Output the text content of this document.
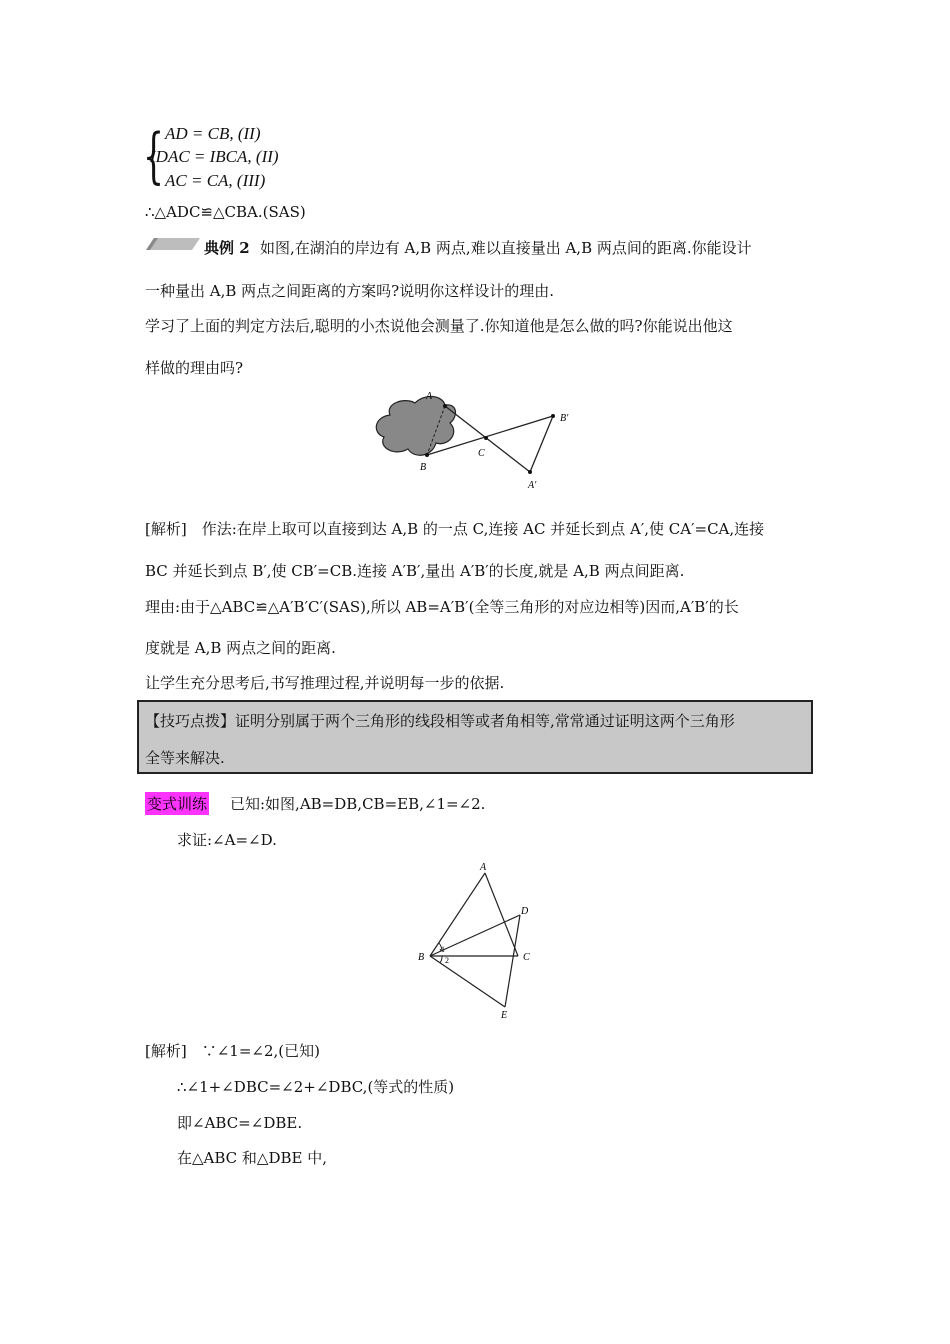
{ AD = CB, (II)
IDAC = IBCA, (II)
AC = CA, (III)
∴△ADC≌△CBA.(SAS)
典例 2 如图,在湖泊的岸边有 A,B 两点,难以直接量出 A,B 两点间的距离.你能设计
一种量出 A,B 两点之间距离的方案吗?说明你这样设计的理由.
学习了上面的判定方法后,聪明的小杰说他会测量了.你知道他是怎么做的吗?你能说出他这
样做的理由吗?
A
B
C
B′
A′
[解析]　作法:在岸上取可以直接到达 A,B 的一点 C,连接 AC 并延长到点 A′,使 CA′=CA,连接
BC 并延长到点 B′,使 CB′=CB.连接 A′B′,量出 A′B′的长度,就是 A,B 两点间距离.
理由:由于△ABC≌△A′B′C′(SAS),所以 AB=A′B′(全等三角形的对应边相等)因而,A′B′的长
度就是 A,B 两点之间的距离.
让学生充分思考后,书写推理过程,并说明每一步的依据.
【技巧点拨】证明分别属于两个三角形的线段相等或者角相等,常常通过证明这两个三角形
全等来解决.
变式训练 已知:如图,AB=DB,CB=EB,∠1=∠2.
求证:∠A=∠D.
A
B	C
D
E
1
2
[解析]　∵∠1=∠2,(已知)
∴∠1+∠DBC=∠2+∠DBC,(等式的性质)
即∠ABC=∠DBE.
在△ABC 和△DBE 中,
